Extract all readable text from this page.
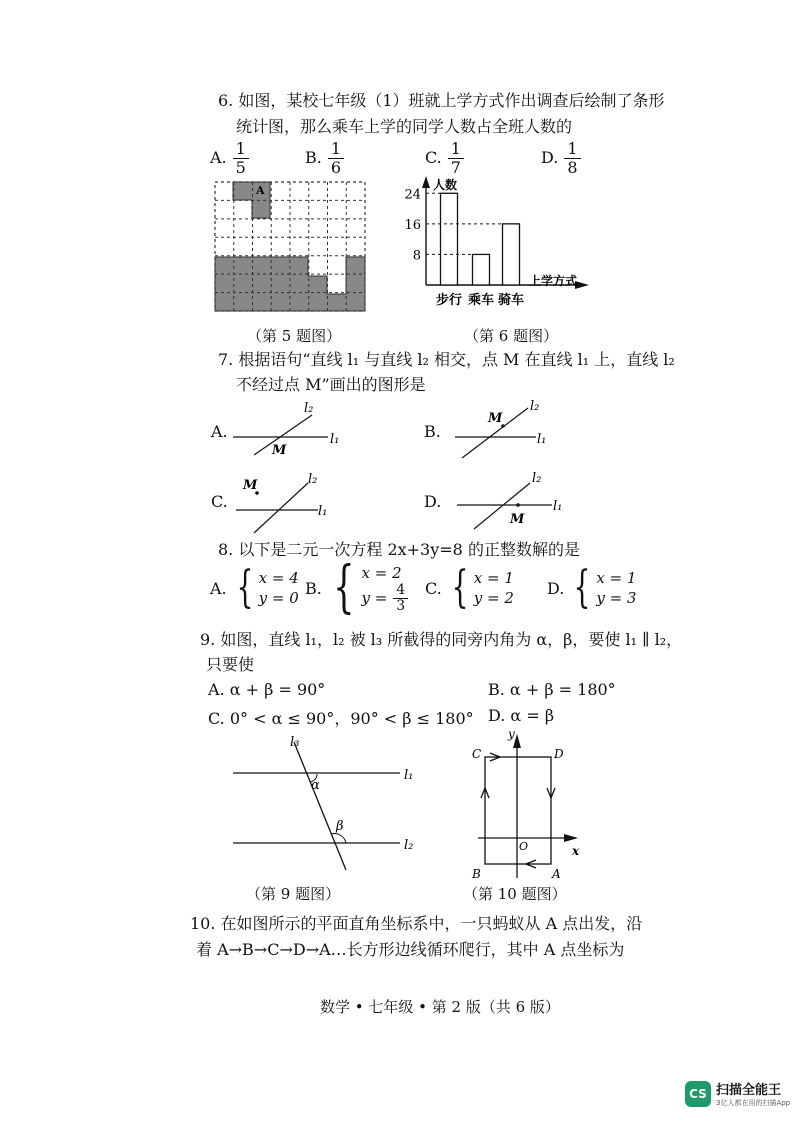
6. 如图，某校七年级（1）班就上学方式作出调查后绘制了条形
统计图，那么乘车上学的同学人数占全班人数的
A. $\frac{1}{5}$	B. $\frac{1}{6}$	C. $\frac{1}{7}$	D. $\frac{1}{8}$
A
（第 5 题图）
人数
上学方式
步行 乘车 骑车
24
16
8
（第 6 题图）
7. 根据语句“直线 l₁ 与直线 l₂ 相交，点 M 在直线 l₁ 上，直线 l₂
不经过点 M”画出的图形是
A.	l₁
l₂
M
B.	l₁
l₂
M
C.
l₁
l₂
M
D.	l₁
l₂
M
8. 以下是二元一次方程 2x+3y=8 的正整数解的是
A. { x = 4
y = 0
B. { x = 2
$y = \frac{4}{3} C$. { x = 1
y = 2
D. { x = 1
y = 3
9. 如图，直线 l₁，l₂ 被 l₃ 所截得的同旁内角为 α，β，要使 l₁ ∥ l₂，
只要使
A. α + β = 90°	B. α + β = 180°
C. 0° < α ≤ 90°，90° < β ≤ 180° D. α = β
l₁
l₂
l₃
α
β
（第 9 题图）
y
x
O
A
B
C	D
（第 10 题图）
10. 在如图所示的平面直角坐标系中，一只蚂蚁从 A 点出发，沿
着 A→B→C→D→A…长方形边线循环爬行，其中 A 点坐标为
数学 • 七年级 • 第 2 版（共 6 版）
CS 扫描全能王
3亿人都在用的扫描App
